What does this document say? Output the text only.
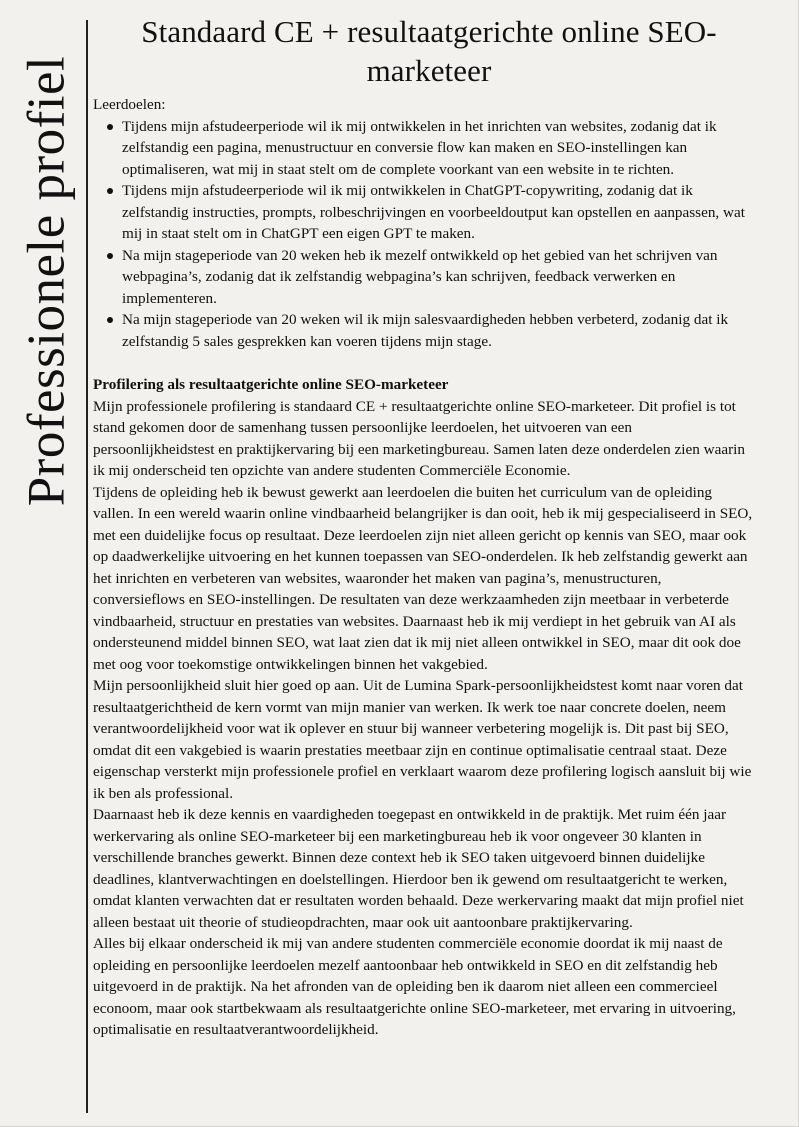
Professionele profiel
Standaard CE + resultaatgerichte online SEO-marketeer

Leerdoelen:

Tijdens mijn afstudeerperiode wil ik mij ontwikkelen in het inrichten van websites, zodanig dat ik zelfstandig een pagina, menustructuur en conversie flow kan maken en SEO-instellingen kan optimaliseren, wat mij in staat stelt om de complete voorkant van een website in te richten.
Tijdens mijn afstudeerperiode wil ik mij ontwikkelen in ChatGPT-copywriting, zodanig dat ik zelfstandig instructies, prompts, rolbeschrijvingen en voorbeeldoutput kan opstellen en aanpassen, wat mij in staat stelt om in ChatGPT een eigen GPT te maken.
Na mijn stageperiode van 20 weken heb ik mezelf ontwikkeld op het gebied van het schrijven van webpagina’s, zodanig dat ik zelfstandig webpagina’s kan schrijven, feedback verwerken en implementeren.
Na mijn stageperiode van 20 weken wil ik mijn salesvaardigheden hebben verbeterd, zodanig dat ik zelfstandig 5 sales gesprekken kan voeren tijdens mijn stage.

Profilering als resultaatgerichte online SEO-marketeer

Mijn professionele profilering is standaard CE + resultaatgerichte online SEO-marketeer. Dit profiel is tot stand gekomen door de samenhang tussen persoonlijke leerdoelen, het uitvoeren van een persoonlijkheidstest en praktijkervaring bij een marketingbureau. Samen laten deze onderdelen zien waarin ik mij onderscheid ten opzichte van andere studenten Commerciële Economie.

Tijdens de opleiding heb ik bewust gewerkt aan leerdoelen die buiten het curriculum van de opleiding vallen. In een wereld waarin online vindbaarheid belangrijker is dan ooit, heb ik mij gespecialiseerd in SEO, met een duidelijke focus op resultaat. Deze leerdoelen zijn niet alleen gericht op kennis van SEO, maar ook op daadwerkelijke uitvoering en het kunnen toepassen van SEO-onderdelen. Ik heb zelfstandig gewerkt aan het inrichten en verbeteren van websites, waaronder het maken van pagina’s, menustructuren, conversieflows en SEO-instellingen. De resultaten van deze werkzaamheden zijn meetbaar in verbeterde vindbaarheid, structuur en prestaties van websites. Daarnaast heb ik mij verdiept in het gebruik van AI als ondersteunend middel binnen SEO, wat laat zien dat ik mij niet alleen ontwikkel in SEO, maar dit ook doe met oog voor toekomstige ontwikkelingen binnen het vakgebied.

Mijn persoonlijkheid sluit hier goed op aan. Uit de Lumina Spark-persoonlijkheidstest komt naar voren dat resultaatgerichtheid de kern vormt van mijn manier van werken. Ik werk toe naar concrete doelen, neem verantwoordelijkheid voor wat ik oplever en stuur bij wanneer verbetering mogelijk is. Dit past bij SEO, omdat dit een vakgebied is waarin prestaties meetbaar zijn en continue optimalisatie centraal staat. Deze eigenschap versterkt mijn professionele profiel en verklaart waarom deze profilering logisch aansluit bij wie ik ben als professional.

Daarnaast heb ik deze kennis en vaardigheden toegepast en ontwikkeld in de praktijk. Met ruim één jaar werkervaring als online SEO-marketeer bij een marketingbureau heb ik voor ongeveer 30 klanten in verschillende branches gewerkt. Binnen deze context heb ik SEO taken uitgevoerd binnen duidelijke deadlines, klantverwachtingen en doelstellingen. Hierdoor ben ik gewend om resultaatgericht te werken, omdat klanten verwachten dat er resultaten worden behaald. Deze werkervaring maakt dat mijn profiel niet alleen bestaat uit theorie of studieopdrachten, maar ook uit aantoonbare praktijkervaring.

Alles bij elkaar onderscheid ik mij van andere studenten commerciële economie doordat ik mij naast de opleiding en persoonlijke leerdoelen mezelf aantoonbaar heb ontwikkeld in SEO en dit zelfstandig heb uitgevoerd in de praktijk. Na het afronden van de opleiding ben ik daarom niet alleen een commercieel econoom, maar ook startbekwaam als resultaatgerichte online SEO-marketeer, met ervaring in uitvoering, optimalisatie en resultaatverantwoordelijkheid.
